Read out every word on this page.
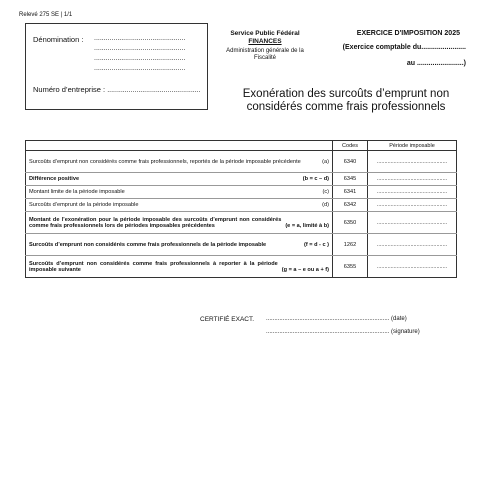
Relevé 275 SE | 1/1
Dénomination : ...............................................
...............................................
...............................................
...............................................
Numéro d’entreprise : ................................................
Service Public Fédéral
FINANCES
Administration générale de la
Fiscalité
EXERCICE D'IMPOSITION 2025
(Exercice comptable du.......................
au ........................)
Exonération des surcoûts d’emprunt non
considérés comme frais professionnels
	Codes	Période imposable

Surcoûts d’emprunt non considérés comme frais professionnels, reportés de la période imposable précédente (a)	6340	..............................................

Différence positive (b = c – d)	6345	..............................................

Montant limite de la période imposable (c)	6341	..............................................

Surcoûts d’emprunt de la période imposable (d)	6342	..............................................

Montant de l’exonération pour la période imposable des surcoûts d’emprunt non considérés comme frais professionnels lors de périodes imposables précédentes (e = a, limité à b)	6350	..............................................

Surcoûts d’emprunt non considérés comme frais professionnels de la période imposable (f = d - c )	1262	..............................................

Surcoûts d’emprunt non considérés comme frais professionnels à reporter à la période imposable suivante (g = a – e ou a + f)	6355	..............................................
CERTIFIÉ EXACT. .......................................................................... (date)
.......................................................................... (signature)
